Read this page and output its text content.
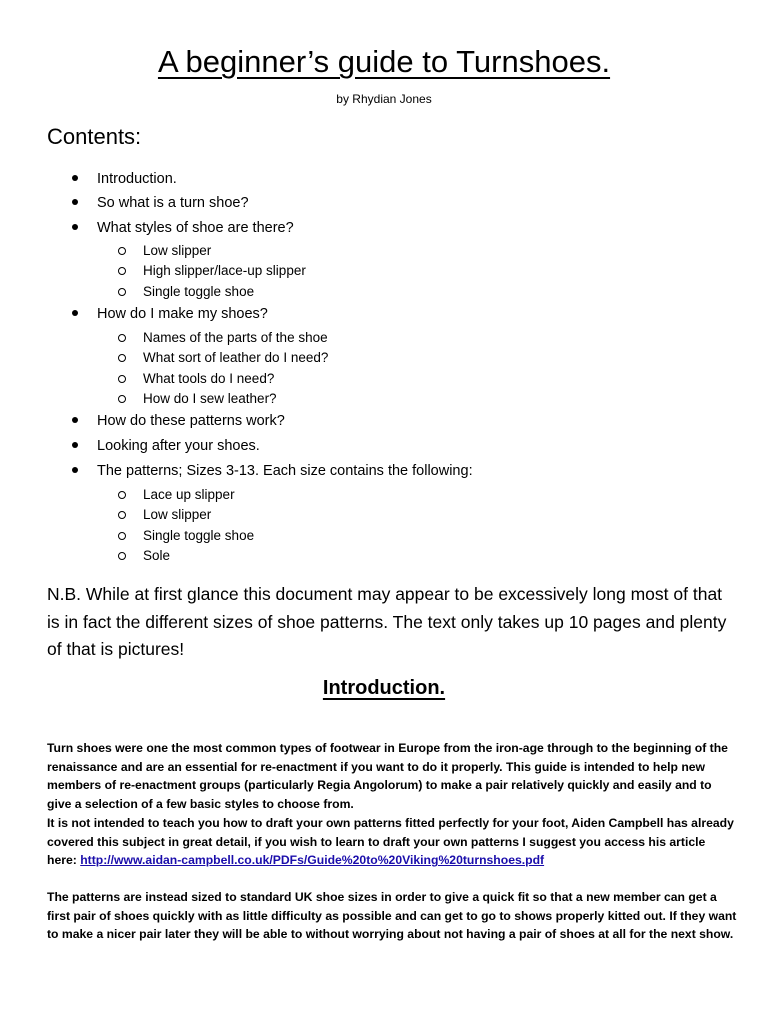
A beginner’s guide to Turnshoes.
by Rhydian Jones
Contents:
Introduction.
So what is a turn shoe?
What styles of shoe are there?
Low slipper
High slipper/lace-up slipper
Single toggle shoe
How do I make my shoes?
Names of the parts of the shoe
What sort of leather do I need?
What tools do I need?
How do I sew leather?
How do these patterns work?
Looking after your shoes.
The patterns; Sizes 3-13. Each size contains the following:
Lace up slipper
Low slipper
Single toggle shoe
Sole
N.B. While at first glance this document may appear to be excessively long most of that is in fact the different sizes of shoe patterns. The text only takes up 10 pages and plenty of that is pictures!
Introduction.
Turn shoes were one the most common types of footwear in Europe from the iron-age through to the beginning of the renaissance and are an essential for re-enactment if you want to do it properly. This guide is intended to help new members of re-enactment groups (particularly Regia Angolorum) to make a pair relatively quickly and easily and to give a selection of a few basic styles to choose from.
It is not intended to teach you how to draft your own patterns fitted perfectly for your foot, Aiden Campbell has already covered this subject in great detail, if you wish to learn to draft your own patterns I suggest you access his article here: http://www.aidan-campbell.co.uk/PDFs/Guide%20to%20Viking%20turnshoes.pdf
The patterns are instead sized to standard UK shoe sizes in order to give a quick fit so that a new member can get a first pair of shoes quickly with as little difficulty as possible and can get to go to shows properly kitted out. If they want to make a nicer pair later they will be able to without worrying about not having a pair of shoes at all for the next show.
